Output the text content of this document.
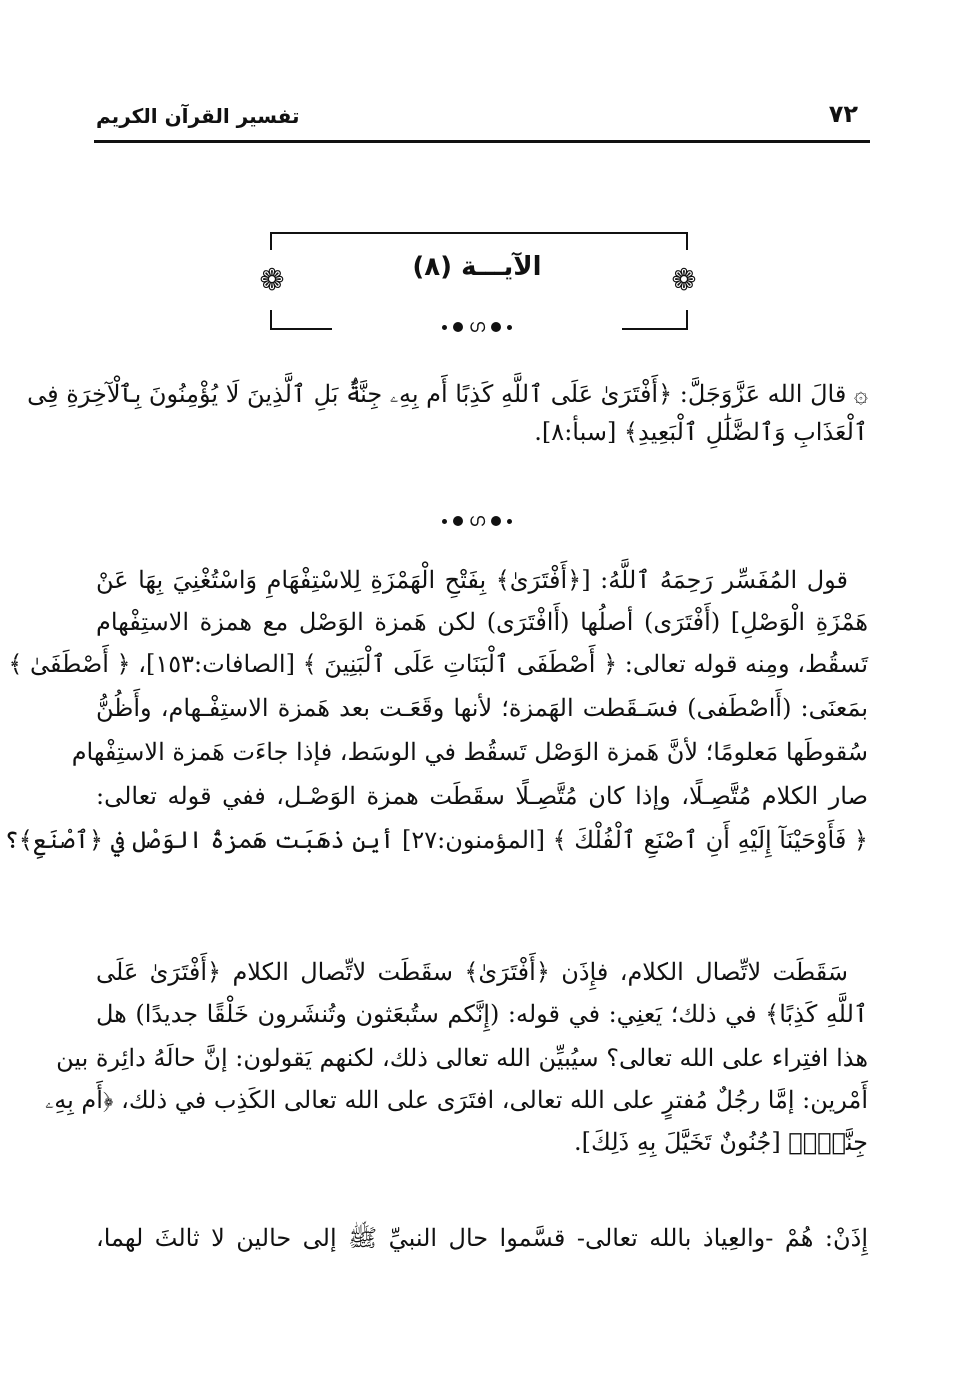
تفسير القرآن الكريم	٧٢
❁	❁
الآيـــة (٨)
ഗ
۞ قالَ الله عَزَّوَجَلَّ: ﴿أَفْتَرَىٰ عَلَى ٱللَّهِ كَذِبًا أَم بِهِۦ جِنَّةٌۢ بَلِ ٱلَّذِينَ لَا يُؤْمِنُونَ بِٱلْآخِرَةِ فِى
ٱلْعَذَابِ وَٱلضَّلَٰلِ ٱلْبَعِيدِ﴾ [سبأ:٨].
ഗ
قول المُفَسِّر رَحِمَهُ ٱللَّهُ: [﴿أَفْتَرَىٰ﴾ بِفَتْحِ الْهَمْزَةِ لِلاسْتِفْهَامِ وَاسْتُغْنِيَ بِهَا عَنْ
هَمْزَةِ الْوَصْلِ] (أَفْتَرَى) أصلُها (أَافْتَرَى) لكن هَمزة الوَصْل مع همزة الاستِفْهام
تَسقُط، ومِنه قوله تعالى: ﴿ أَصْطَفَى ٱلْبَنَاتِ عَلَى ٱلْبَنِينَ ﴾ [الصافات:١٥٣]، ﴿ أَصْطَفَىٰ ﴾
بمَعنَى: (أَاصْطَفى) فسَـقَطت الهَمزة؛ لأنها وقَعَـت بعد هَمزة الاستِفْـهام، وأَظُنُّ
سُقوطَها مَعلومًا؛ لأنَّ هَمزة الوَصْل تَسقُط في الوسَط، فإذا جاءَت هَمزة الاستِفْهام
صار الكلام مُتَّصِـلًا، وإذا كان مُتَّصِـلًا سقَطَت همزة الوَصْـل، ففي قوله تعالى:
﴿ فَأَوْحَيْنَآ إِلَيْهِ أَنِ ٱصْنَعِ ٱلْفُلْكَ ﴾ [المؤمنون:٢٧] أين ذهَبَت هَمزةُ الوَصْل في ﴿ٱصْنَعِ﴾؟
سَقَطَت لاتِّصال الكلام، فإِذَن ﴿أَفْتَرَىٰ﴾ سقَطَت لاتِّصال الكلام ﴿أَفْتَرَىٰ عَلَى
ٱللَّهِ كَذِبًا﴾ في ذلك؛ يَعنِي: في قوله: (إِنَّكم ستُبعَثون وتُنشَرون خَلْقًا جديدًا) هل
هذا افتِراء على الله تعالى؟ سيُبيِّن الله تعالى ذلك، لكنهم يَقولون: إنَّ حالَهُ دائِرة بين
أَمْرين: إمَّا رجُلٌ مُفترٍ على الله تعالى، افتَرَى على الله تعالى الكَذِب في ذلك، ﴿أَم بِهِۦ
جِنَّةٌۢ﴾ [جُنُونٌ تَخَيَّلَ بِهِ ذَلِكَ].
إِذَنْ: هُمْ -والعِياذ بالله تعالى- قسَّموا حال النبيِّ ﷺ إلى حالين لا ثالثَ لهما،
